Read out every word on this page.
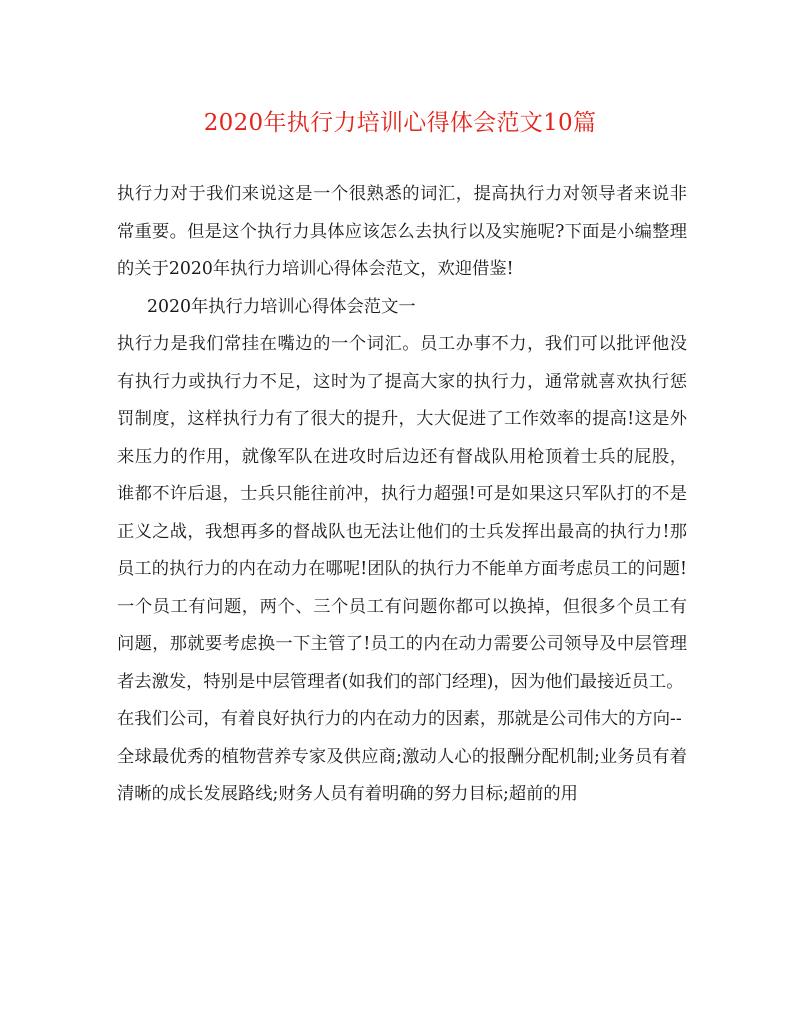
2020年执行力培训心得体会范文10篇

执行力对于我们来说这是一个很熟悉的词汇，提高执行力对领导者来说非常重要。但是这个执行力具体应该怎么去执行以及实施呢?下面是小编整理的关于2020年执行力培训心得体会范文，欢迎借鉴!

2020年执行力培训心得体会范文一

执行力是我们常挂在嘴边的一个词汇。员工办事不力，我们可以批评他没有执行力或执行力不足，这时为了提高大家的执行力，通常就喜欢执行惩罚制度，这样执行力有了很大的提升，大大促进了工作效率的提高!这是外来压力的作用，就像军队在进攻时后边还有督战队用枪顶着士兵的屁股，谁都不许后退，士兵只能往前冲，执行力超强!可是如果这只军队打的不是正义之战，我想再多的督战队也无法让他们的士兵发挥出最高的执行力!那员工的执行力的内在动力在哪呢!团队的执行力不能单方面考虑员工的问题!一个员工有问题，两个、三个员工有问题你都可以换掉，但很多个员工有问题，那就要考虑换一下主管了!员工的内在动力需要公司领导及中层管理者去激发，特别是中层管理者(如我们的部门经理)，因为他们最接近员工。

在我们公司，有着良好执行力的内在动力的因素，那就是公司伟大的方向--

全球最优秀的植物营养专家及供应商;激动人心的报酬分配机制;业务员有着清晰的成长发展路线;财务人员有着明确的努力目标;超前的用
